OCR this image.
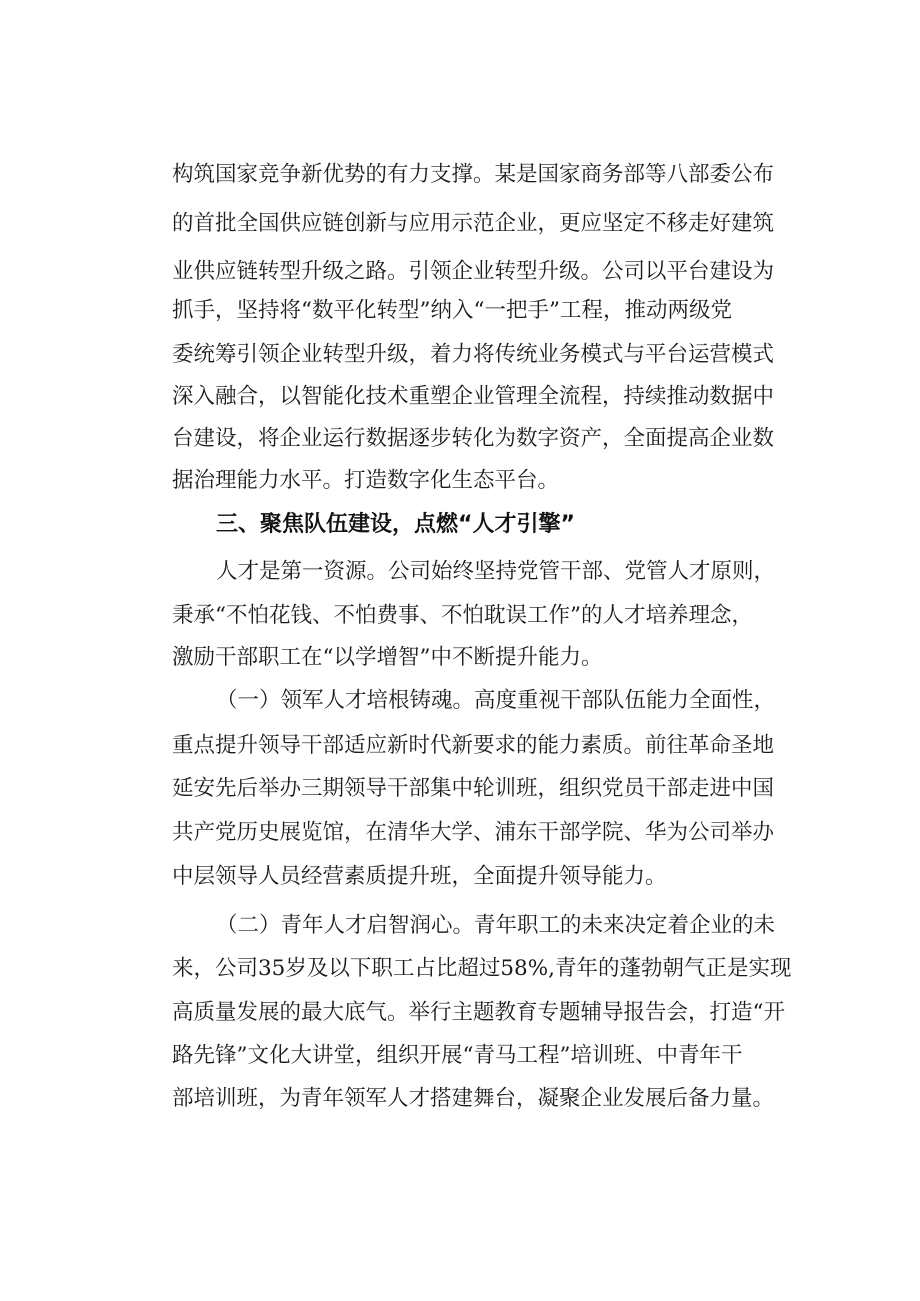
构筑国家竞争新优势的有力支撑。某是国家商务部等八部委公布
的首批全国供应链创新与应用示范企业，更应坚定不移走好建筑
业供应链转型升级之路。引领企业转型升级。公司以平台建设为
抓手，坚持将“数平化转型”纳入“一把手”工程，推动两级党
委统筹引领企业转型升级，着力将传统业务模式与平台运营模式
深入融合，以智能化技术重塑企业管理全流程，持续推动数据中
台建设，将企业运行数据逐步转化为数字资产，全面提高企业数
据治理能力水平。打造数字化生态平台。
三、聚焦队伍建设，点燃“人才引擎”
人才是第一资源。公司始终坚持党管干部、党管人才原则，
秉承“不怕花钱、不怕费事、不怕耽误工作”的人才培养理念，
激励干部职工在“以学增智”中不断提升能力。
（一）领军人才培根铸魂。高度重视干部队伍能力全面性，
重点提升领导干部适应新时代新要求的能力素质。前往革命圣地
延安先后举办三期领导干部集中轮训班，组织党员干部走进中国
共产党历史展览馆，在清华大学、浦东干部学院、华为公司举办
中层领导人员经营素质提升班，全面提升领导能力。
（二）青年人才启智润心。青年职工的未来决定着企业的未
来，公司35岁及以下职工占比超过58%,青年的蓬勃朝气正是实现
高质量发展的最大底气。举行主题教育专题辅导报告会，打造“开
路先锋”文化大讲堂，组织开展“青马工程”培训班、中青年干
部培训班，为青年领军人才搭建舞台，凝聚企业发展后备力量。
